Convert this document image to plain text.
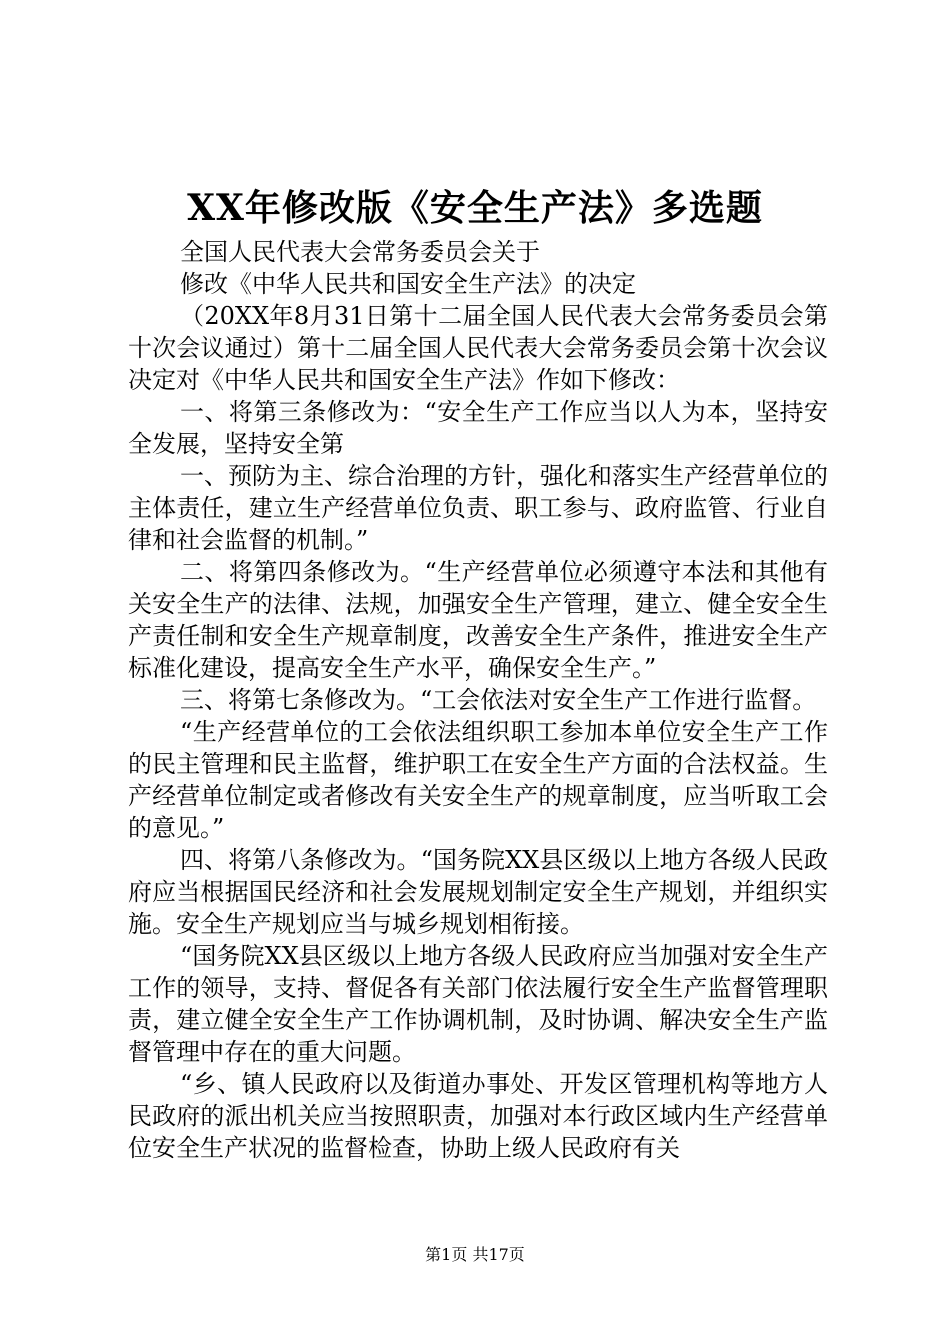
XX年修改版《安全生产法》多选题

全国人民代表大会常务委员会关于

修改《中华人民共和国安全生产法》的决定

（20XX年8月31日第十二届全国人民代表大会常务委员会第十次会议通过）第十二届全国人民代表大会常务委员会第十次会议决定对《中华人民共和国安全生产法》作如下修改：

一、将第三条修改为：“安全生产工作应当以人为本，坚持安全发展，坚持安全第

一、预防为主、综合治理的方针，强化和落实生产经营单位的主体责任，建立生产经营单位负责、职工参与、政府监管、行业自律和社会监督的机制。”

二、将第四条修改为。“生产经营单位必须遵守本法和其他有关安全生产的法律、法规，加强安全生产管理，建立、健全安全生产责任制和安全生产规章制度，改善安全生产条件，推进安全生产标准化建设，提高安全生产水平，确保安全生产。”

三、将第七条修改为。“工会依法对安全生产工作进行监督。

“生产经营单位的工会依法组织职工参加本单位安全生产工作的民主管理和民主监督，维护职工在安全生产方面的合法权益。生产经营单位制定或者修改有关安全生产的规章制度，应当听取工会的意见。”

四、将第八条修改为。“国务院XX县区级以上地方各级人民政府应当根据国民经济和社会发展规划制定安全生产规划，并组织实施。安全生产规划应当与城乡规划相衔接。

“国务院XX县区级以上地方各级人民政府应当加强对安全生产工作的领导，支持、督促各有关部门依法履行安全生产监督管理职责，建立健全安全生产工作协调机制，及时协调、解决安全生产监督管理中存在的重大问题。

“乡、镇人民政府以及街道办事处、开发区管理机构等地方人民政府的派出机关应当按照职责，加强对本行政区域内生产经营单位安全生产状况的监督检查，协助上级人民政府有关

第1页 共17页
